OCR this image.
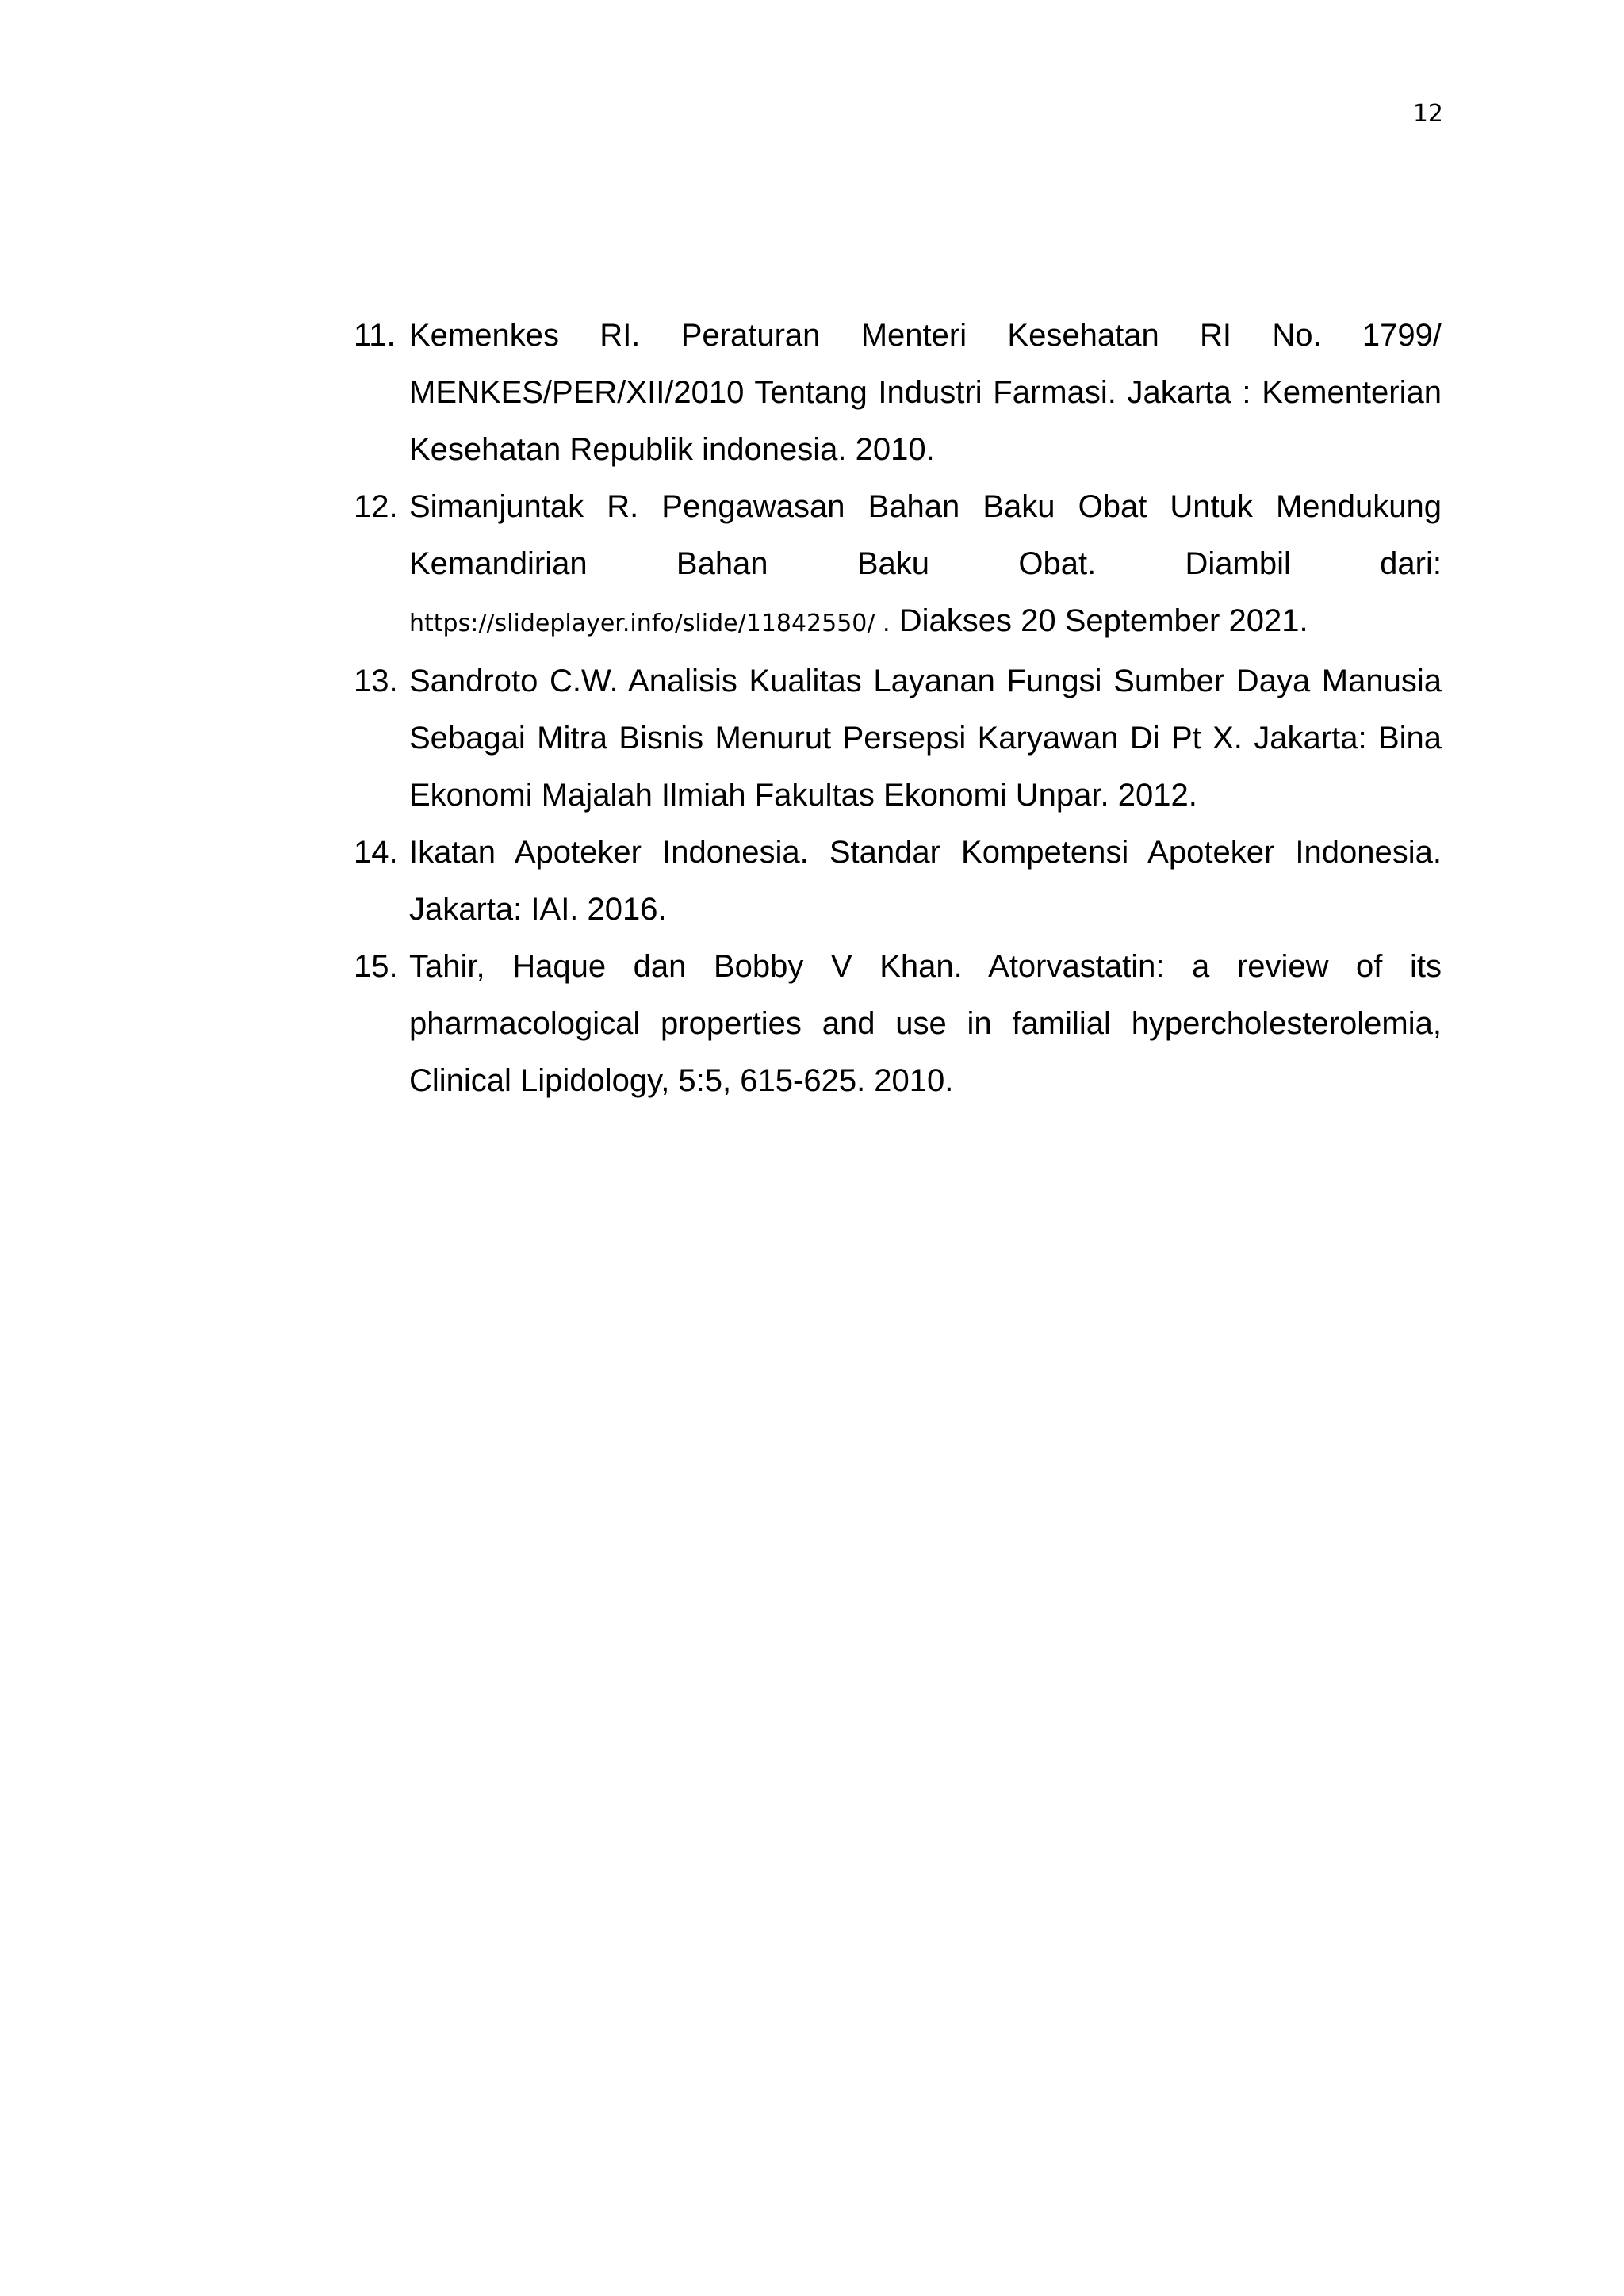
12
11. Kemenkes RI. Peraturan Menteri Kesehatan RI No. 1799/ MENKES/PER/XII/2010 Tentang Industri Farmasi. Jakarta : Kementerian Kesehatan Republik indonesia. 2010.
12. Simanjuntak R. Pengawasan Bahan Baku Obat Untuk Mendukung Kemandirian Bahan Baku Obat. Diambil dari: https://slideplayer.info/slide/11842550/ . Diakses 20 September 2021.
13. Sandroto C.W. Analisis Kualitas Layanan Fungsi Sumber Daya Manusia Sebagai Mitra Bisnis Menurut Persepsi Karyawan Di Pt X. Jakarta: Bina Ekonomi Majalah Ilmiah Fakultas Ekonomi Unpar. 2012.
14. Ikatan Apoteker Indonesia. Standar Kompetensi Apoteker Indonesia. Jakarta: IAI. 2016.
15. Tahir, Haque dan Bobby V Khan. Atorvastatin: a review of its pharmacological properties and use in familial hypercholesterolemia, Clinical Lipidology, 5:5, 615-625. 2010.
